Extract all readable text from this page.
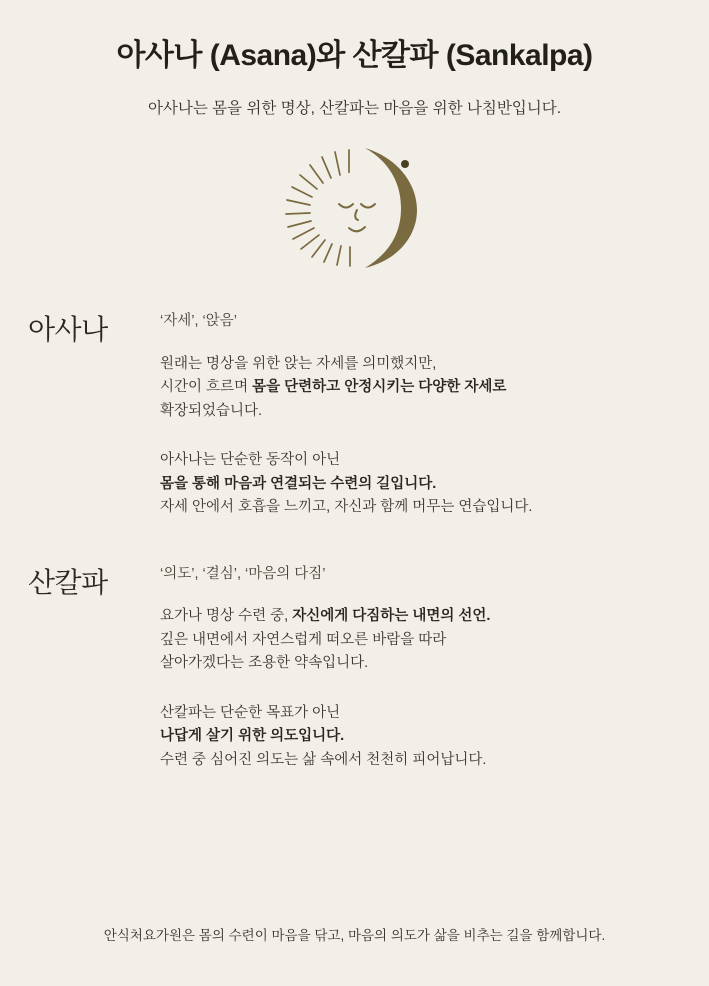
아사나 (Asana)와 산칼파 (Sankalpa)

아사나는 몸을 위한 명상, 산칼파는 마음을 위한 나침반입니다.

아사나	‘자세’, ‘앉음’

원래는 명상을 위한 앉는 자세를 의미했지만,
시간이 흐르며 몸을 단련하고 안정시키는 다양한 자세로
확장되었습니다.

아사나는 단순한 동작이 아닌
몸을 통해 마음과 연결되는 수련의 길입니다.
자세 안에서 호흡을 느끼고, 자신과 함께 머무는 연습입니다.

산칼파	‘의도’, ‘결심’, ‘마음의 다짐’

요가나 명상 수련 중, 자신에게 다짐하는 내면의 선언.
깊은 내면에서 자연스럽게 떠오른 바람을 따라
살아가겠다는 조용한 약속입니다.

산칼파는 단순한 목표가 아닌
나답게 살기 위한 의도입니다.
수련 중 심어진 의도는 삶 속에서 천천히 피어납니다.

안식처요가원은 몸의 수련이 마음을 닦고, 마음의 의도가 삶을 비추는 길을 함께합니다.
